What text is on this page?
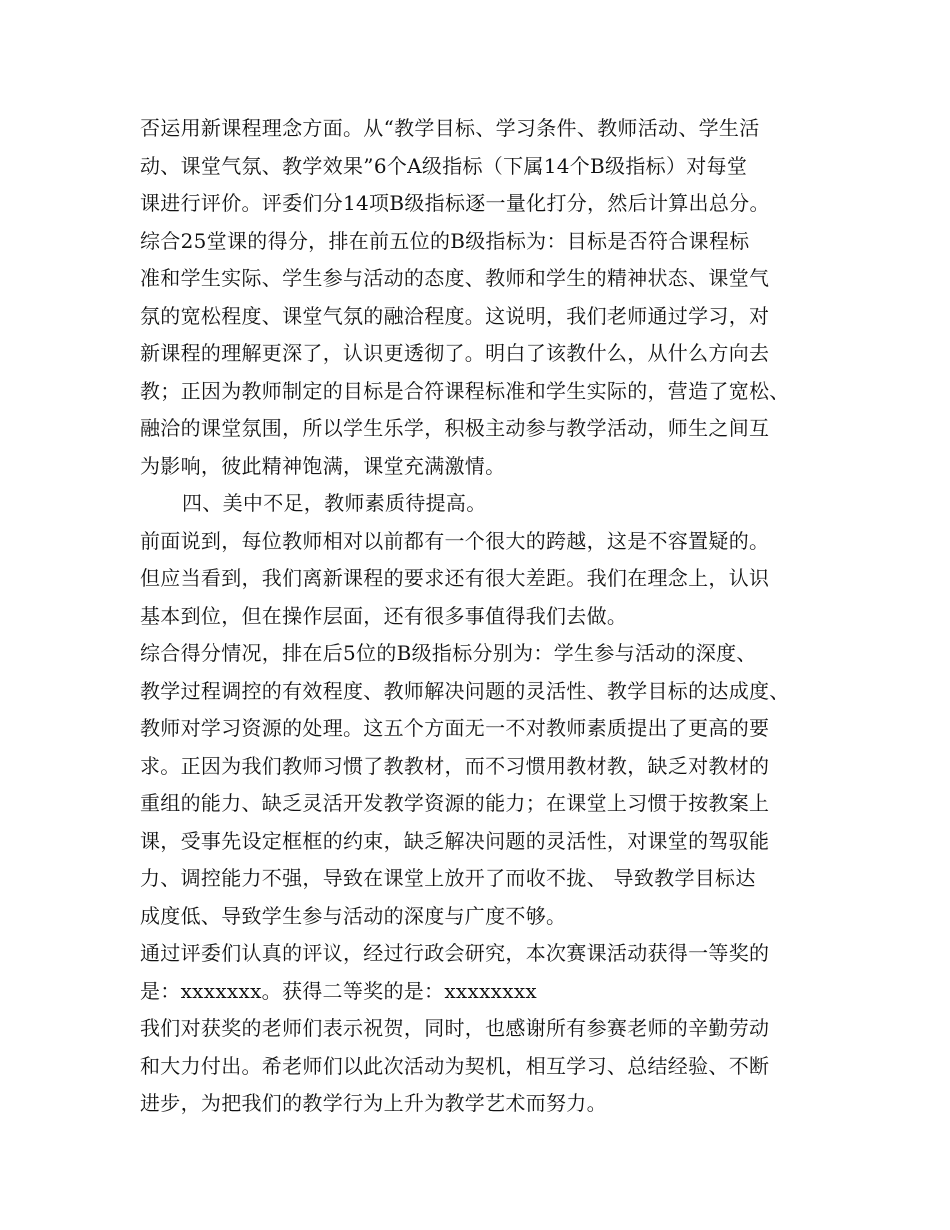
否运用新课程理念方面。从“教学目标、学习条件、教师活动、学生活
动、课堂气氛、教学效果”6个A级指标（下属14个B级指标）对每堂
课进行评价。评委们分14项B级指标逐一量化打分，然后计算出总分。
综合25堂课的得分，排在前五位的B级指标为：目标是否符合课程标
准和学生实际、学生参与活动的态度、教师和学生的精神状态、课堂气
氛的宽松程度、课堂气氛的融洽程度。这说明，我们老师通过学习，对
新课程的理解更深了，认识更透彻了。明白了该教什么，从什么方向去
教；正因为教师制定的目标是合符课程标准和学生实际的，营造了宽松、
融洽的课堂氛围，所以学生乐学，积极主动参与教学活动，师生之间互
为影响，彼此精神饱满，课堂充满激情。
四、美中不足，教师素质待提高。
前面说到，每位教师相对以前都有一个很大的跨越，这是不容置疑的。
但应当看到，我们离新课程的要求还有很大差距。我们在理念上，认识
基本到位，但在操作层面，还有很多事值得我们去做。
综合得分情况，排在后5位的B级指标分别为：学生参与活动的深度、
教学过程调控的有效程度、教师解决问题的灵活性、教学目标的达成度、
教师对学习资源的处理。这五个方面无一不对教师素质提出了更高的要
求。正因为我们教师习惯了教教材，而不习惯用教材教，缺乏对教材的
重组的能力、缺乏灵活开发教学资源的能力；在课堂上习惯于按教案上
课，受事先设定框框的约束，缺乏解决问题的灵活性，对课堂的驾驭能
力、调控能力不强，导致在课堂上放开了而收不拢、 导致教学目标达
成度低、导致学生参与活动的深度与广度不够。
通过评委们认真的评议，经过行政会研究，本次赛课活动获得一等奖的
是：xxxxxxx。获得二等奖的是：xxxxxxxx
我们对获奖的老师们表示祝贺，同时，也感谢所有参赛老师的辛勤劳动
和大力付出。希老师们以此次活动为契机，相互学习、总结经验、不断
进步，为把我们的教学行为上升为教学艺术而努力。
